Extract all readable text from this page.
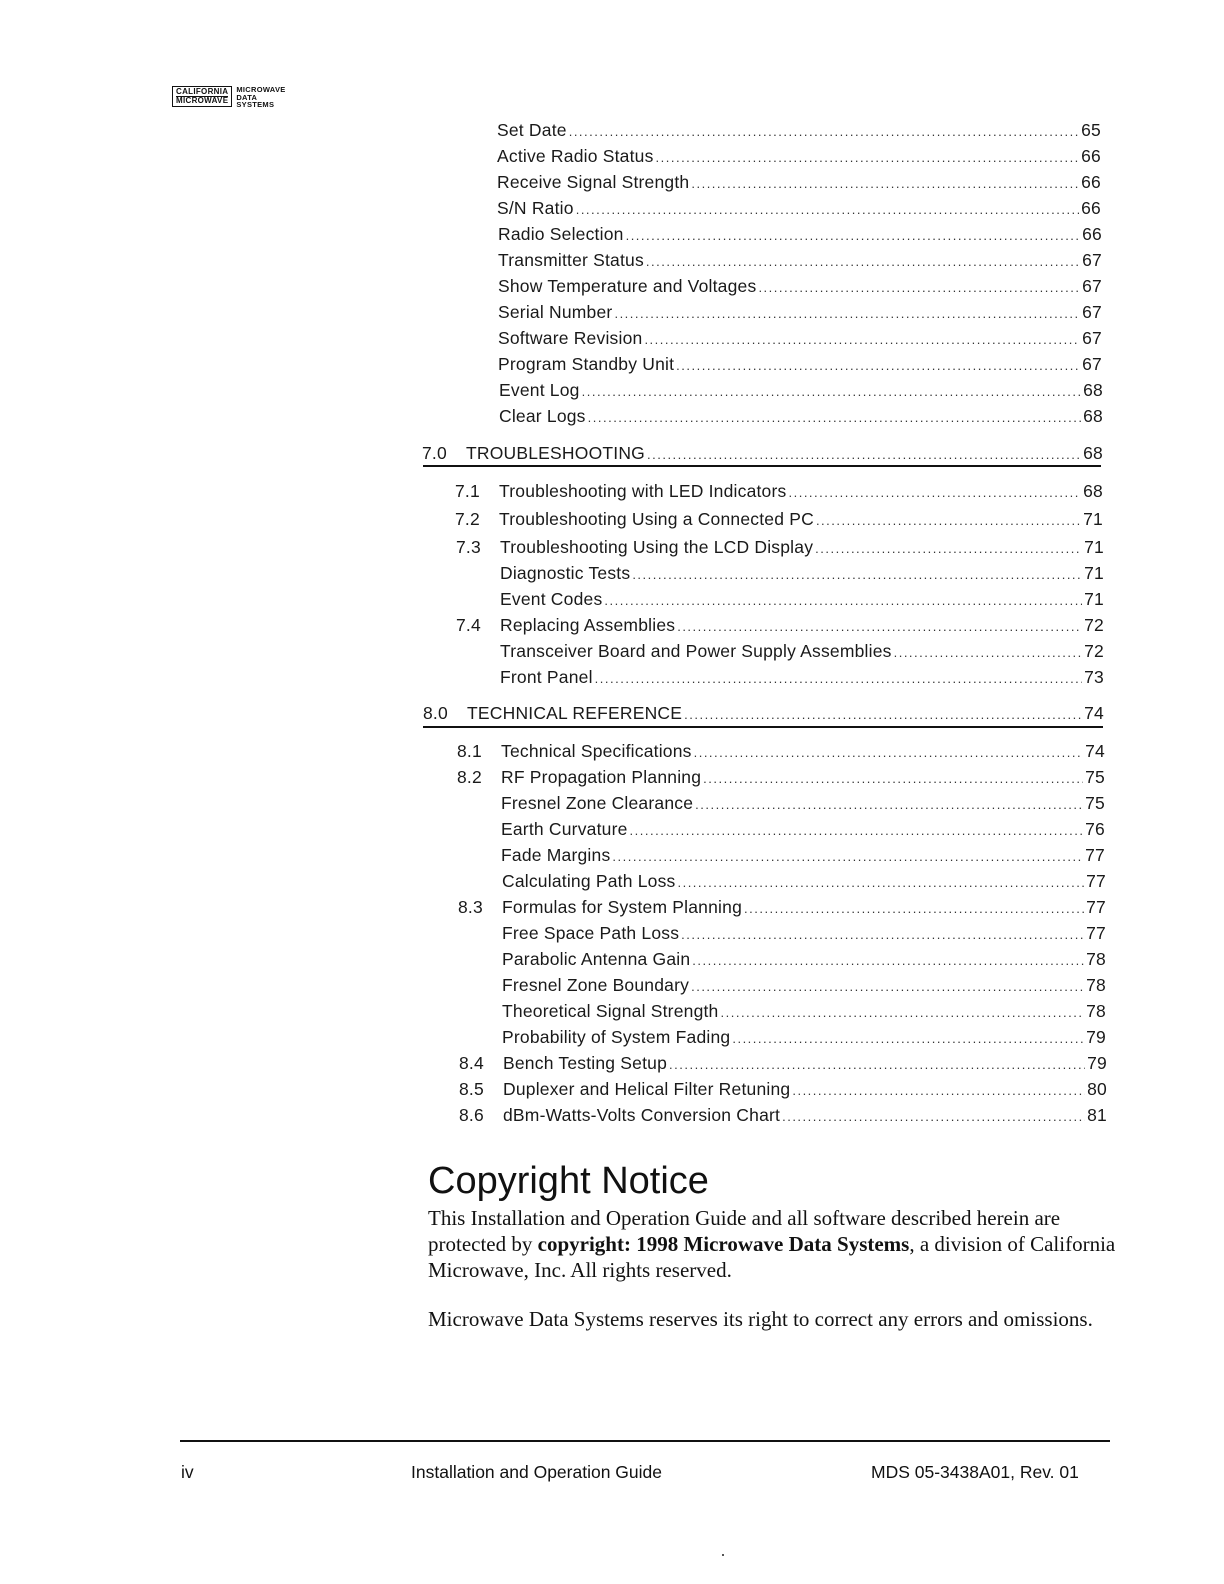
CALIFORNIA
MICROWAVE
MICROWAVE
DATA
SYSTEMS
Set Date .....	65
Active Radio Status .....	66
Receive Signal Strength .....	66
S/N Ratio .....	66
Radio Selection .....	66
Transmitter Status .....	67
Show Temperature and Voltages .....	67
Serial Number .....	67
Software Revision .....	67
Program Standby Unit .....	67
Event Log .....	68
Clear Logs .....	68
7.0	TROUBLESHOOTING .....	68
7.1	Troubleshooting with LED Indicators .....	68
7.2	Troubleshooting Using a Connected PC .....	71
7.3	Troubleshooting Using the LCD Display .....	71
Diagnostic Tests .....	71
Event Codes .....	71
7.4	Replacing Assemblies .....	72
Transceiver Board and Power Supply Assemblies .....	72
Front Panel .....	73
8.0	TECHNICAL REFERENCE .....	74
8.1	Technical Specifications .....	74
8.2	RF Propagation Planning .....	75
Fresnel Zone Clearance .....	75
Earth Curvature .....	76
Fade Margins .....	77
Calculating Path Loss .....	77
8.3	Formulas for System Planning .....	77
Free Space Path Loss .....	77
Parabolic Antenna Gain .....	78
Fresnel Zone Boundary .....	78
Theoretical Signal Strength .....	78
Probability of System Fading .....	79
8.4	Bench Testing Setup .....	79
8.5	Duplexer and Helical Filter Retuning .....	80
8.6	dBm-Watts-Volts Conversion Chart .....	81
Copyright Notice
This Installation and Operation Guide and all software described herein are protected by copyright: 1998 Microwave Data Systems, a division of California Microwave, Inc. All rights reserved.
Microwave Data Systems reserves its right to correct any errors and omissions.
iv	Installation and Operation Guide	MDS 05-3438A01, Rev. 01
